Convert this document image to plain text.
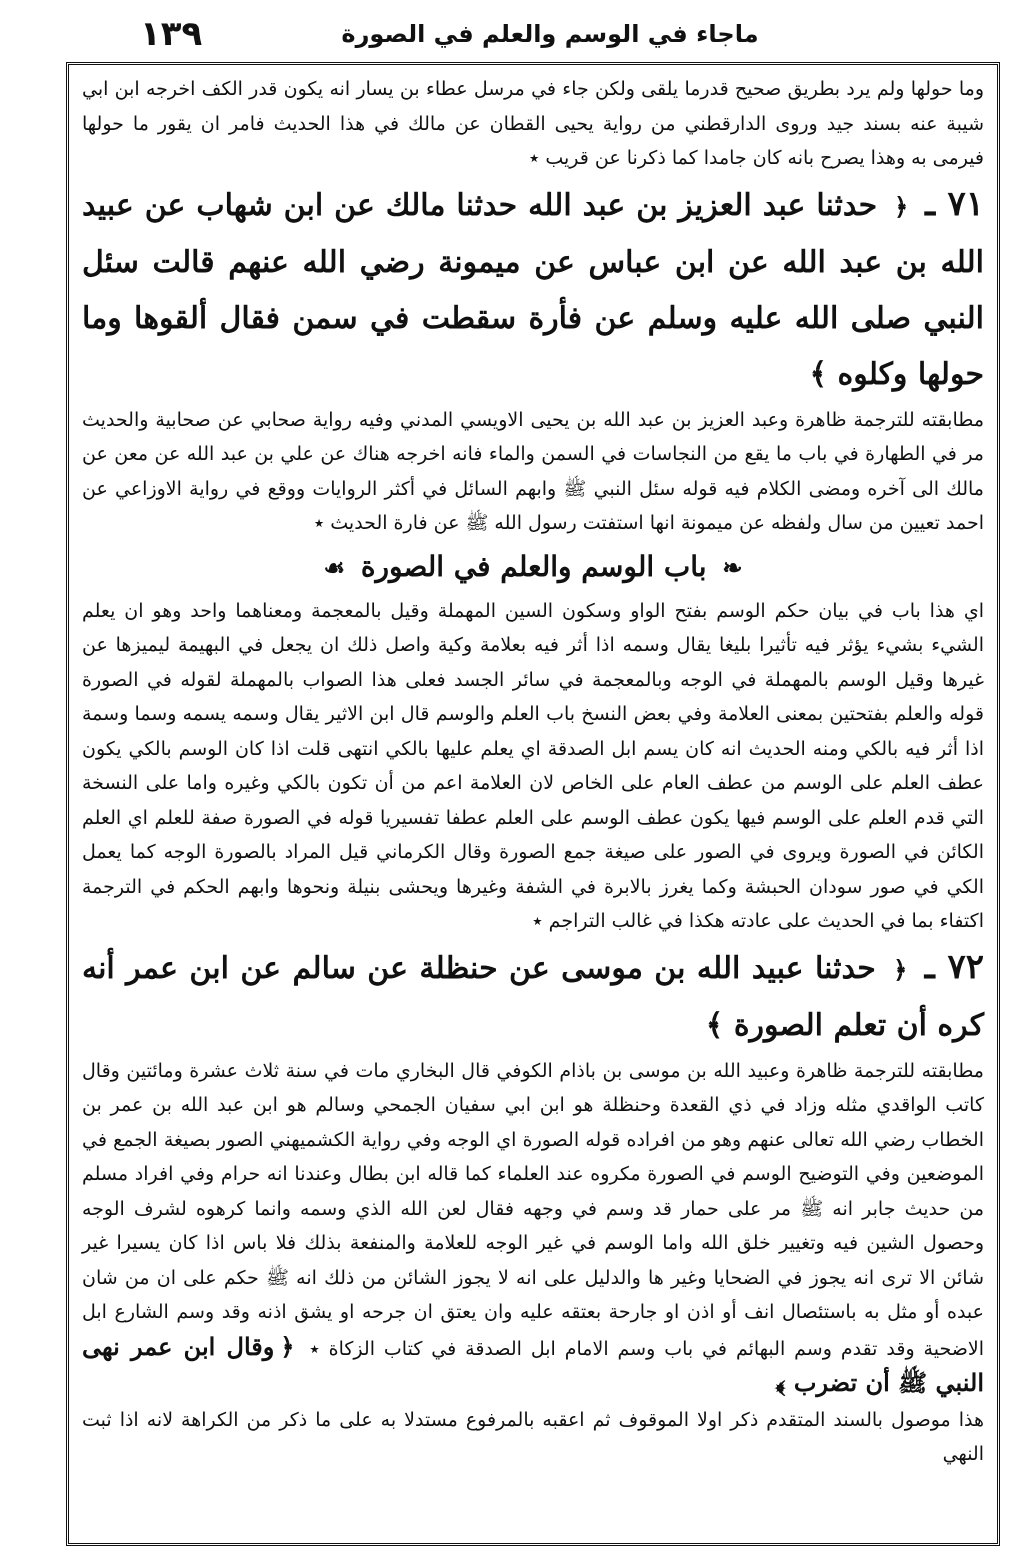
١٣٩	ماجاء في الوسم والعلم في الصورة
وما حولها ولم يرد بطريق صحيح قدرما يلقى ولكن جاء في مرسل عطاء بن يسار انه يكون قدر الكف اخرجه ابن ابي شيبة عنه بسند جيد وروى الدارقطني من رواية يحيى القطان عن مالك في هذا الحديث فامر ان يقور ما حولها فيرمى به وهذا يصرح بانه كان جامدا كما ذكرنا عن قريب ٭
٧١ ـ ﴿ حدثنا عبد العزيز بن عبد الله حدثنا مالك عن ابن شهاب عن عبيد الله بن عبد الله عن ابن عباس عن ميمونة رضي الله عنهم قالت سئل النبي صلى الله عليه وسلم عن فأرة سقطت في سمن فقال ألقوها وما حولها وكلوه ﴾
مطابقته للترجمة ظاهرة وعبد العزيز بن عبد الله بن يحيى الاويسي المدني وفيه رواية صحابي عن صحابية والحديث مر في الطهارة في باب ما يقع من النجاسات في السمن والماء فانه اخرجه هناك عن علي بن عبد الله عن معن عن مالك الى آخره ومضى الكلام فيه قوله سئل النبي ﷺ وابهم السائل في أكثر الروايات ووقع في رواية الاوزاعي عن احمد تعيين من سال ولفظه عن ميمونة انها استفتت رسول الله ﷺ عن فارة الحديث ٭
❧ باب الوسم والعلم في الصورة ☙
اي هذا باب في بيان حكم الوسم بفتح الواو وسكون السين المهملة وقيل بالمعجمة ومعناهما واحد وهو ان يعلم الشيء بشيء يؤثر فيه تأثيرا بليغا يقال وسمه اذا أثر فيه بعلامة وكية واصل ذلك ان يجعل في البهيمة ليميزها عن غيرها وقيل الوسم بالمهملة في الوجه وبالمعجمة في سائر الجسد فعلى هذا الصواب بالمهملة لقوله في الصورة قوله والعلم بفتحتين بمعنى العلامة وفي بعض النسخ باب العلم والوسم قال ابن الاثير يقال وسمه يسمه وسما وسمة اذا أثر فيه بالكي ومنه الحديث انه كان يسم ابل الصدقة اي يعلم عليها بالكي انتهى قلت اذا كان الوسم بالكي يكون عطف العلم على الوسم من عطف العام على الخاص لان العلامة اعم من أن تكون بالكي وغيره واما على النسخة التي قدم العلم على الوسم فيها يكون عطف الوسم على العلم عطفا تفسيريا قوله في الصورة صفة للعلم اي العلم الكائن في الصورة ويروى في الصور على صيغة جمع الصورة وقال الكرماني قيل المراد بالصورة الوجه كما يعمل الكي في صور سودان الحبشة وكما يغرز بالابرة في الشفة وغيرها ويحشى بنيلة ونحوها وابهم الحكم في الترجمة اكتفاء بما في الحديث على عادته هكذا في غالب التراجم ٭
٧٢ ـ ﴿ حدثنا عبيد الله بن موسى عن حنظلة عن سالم عن ابن عمر أنه كره أن تعلم الصورة ﴾
مطابقته للترجمة ظاهرة وعبيد الله بن موسى بن باذام الكوفي قال البخاري مات في سنة ثلاث عشرة ومائتين وقال كاتب الواقدي مثله وزاد في ذي القعدة وحنظلة هو ابن ابي سفيان الجمحي وسالم هو ابن عبد الله بن عمر بن الخطاب رضي الله تعالى عنهم وهو من افراده قوله الصورة اي الوجه وفي رواية الكشميهني الصور بصيغة الجمع في الموضعين وفي التوضيح الوسم في الصورة مكروه عند العلماء كما قاله ابن بطال وعندنا انه حرام وفي افراد مسلم من حديث جابر انه ﷺ مر على حمار قد وسم في وجهه فقال لعن الله الذي وسمه وانما كرهوه لشرف الوجه وحصول الشين فيه وتغيير خلق الله واما الوسم في غير الوجه للعلامة والمنفعة بذلك فلا باس اذا كان يسيرا غير شائن الا ترى انه يجوز في الضحايا وغير ها والدليل على انه لا يجوز الشائن من ذلك انه ﷺ حكم على ان من شان عبده أو مثل به باستئصال انف أو اذن او جارحة بعتقه عليه وان يعتق ان جرحه او يشق اذنه وقد وسم الشارع ابل الاضحية وقد تقدم وسم البهائم في باب وسم الامام ابل الصدقة في كتاب الزكاة ٭ ﴿وقال ابن عمر نهى النبي ﷺ أن تضرب ﴾
هذا موصول بالسند المتقدم ذكر اولا الموقوف ثم اعقبه بالمرفوع مستدلا به على ما ذكر من الكراهة لانه اذا ثبت النهي
